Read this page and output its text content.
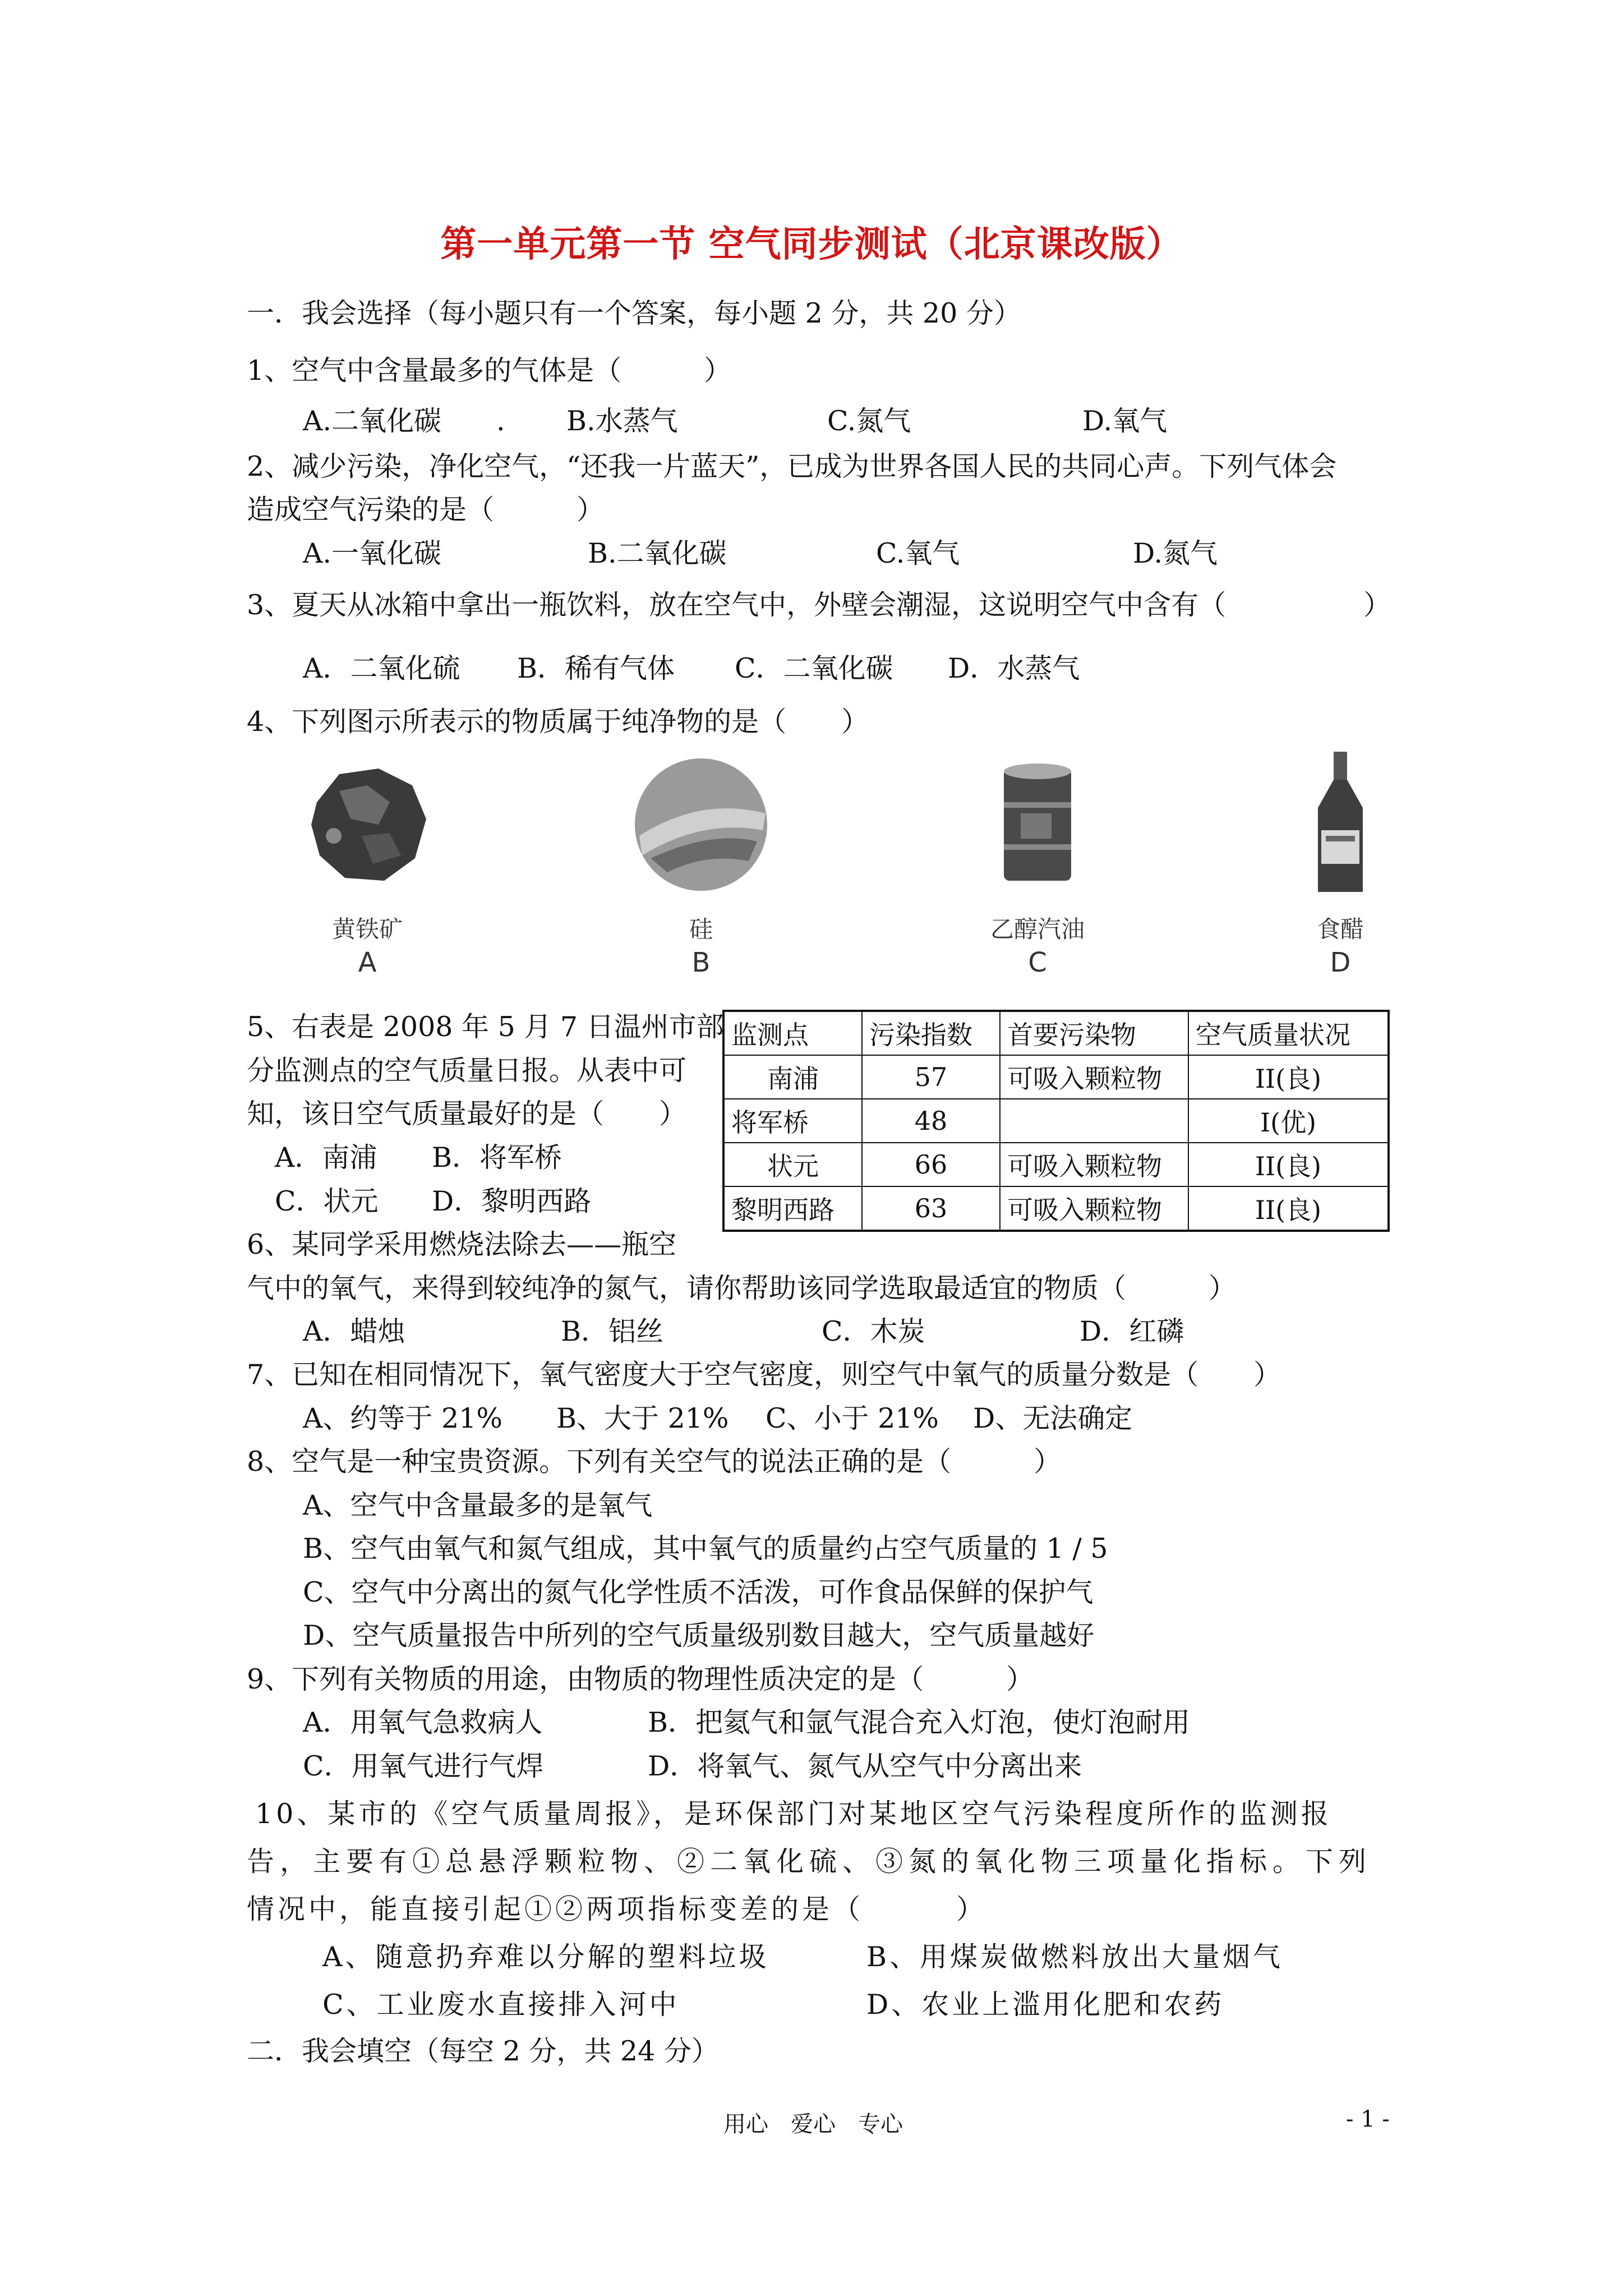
第一单元第一节 空气同步测试（北京课改版）
一．我会选择（每小题只有一个答案，每小题 2 分，共 20 分）
1、空气中含量最多的气体是（　　　）
A.二氧化碳　　. B.水蒸气	C.氮气	D.氧气
2、减少污染，净化空气，“还我一片蓝天”，已成为世界各国人民的共同心声。下列气体会
造成空气污染的是（　　　）
A.一氧化碳	B.二氧化碳	C.氧气	D.氮气
3、夏天从冰箱中拿出一瓶饮料，放在空气中，外壁会潮湿，这说明空气中含有（　　　　　）
A．二氧化硫 B．稀有气体 C．二氧化碳 D．水蒸气
4、下列图示所表示的物质属于纯净物的是（　　）
黄铁矿
A
硅
B
乙醇汽油
C
食醋
D
5、右表是 2008 年 5 月 7 日温州市部
分监测点的空气质量日报。从表中可
知，该日空气质量最好的是（　　）
A．南浦 B．将军桥
C．状元 D．黎明西路
监测点	污染指数	首要污染物	空气质量状况
南浦	57	可吸入颗粒物	II(良)
将军桥	48		I(优)
状元	66	可吸入颗粒物	II(良)
黎明西路	63	可吸入颗粒物	II(良)
6、某同学采用燃烧法除去——瓶空
气中的氧气，来得到较纯净的氮气，请你帮助该同学选取最适宜的物质（　　　）
A．蜡烛	B．铝丝	C．木炭	D．红磷
7、已知在相同情况下，氧气密度大于空气密度，则空气中氧气的质量分数是（　　）
A、约等于 21% B、大于 21% C、小于 21% D、无法确定
8、空气是一种宝贵资源。下列有关空气的说法正确的是（　　　）
A、空气中含量最多的是氧气
B、空气由氧气和氮气组成，其中氧气的质量约占空气质量的 1 / 5
C、空气中分离出的氮气化学性质不活泼，可作食品保鲜的保护气
D、空气质量报告中所列的空气质量级别数目越大，空气质量越好
9、下列有关物质的用途，由物质的物理性质决定的是（　　　）
A．用氧气急救病人	B．把氦气和氩气混合充入灯泡，使灯泡耐用
C．用氧气进行气焊	D．将氧气、氮气从空气中分离出来
10、某市的《空气质量周报》，是环保部门对某地区空气污染程度所作的监测报
告，主要有①总悬浮颗粒物、②二氧化硫、③氮的氧化物三项量化指标。下列
情况中，能直接引起①②两项指标变差的是（　　　）
A、随意扔弃难以分解的塑料垃圾	B、用煤炭做燃料放出大量烟气
C、工业废水直接排入河中	D、农业上滥用化肥和农药
二．我会填空（每空 2 分，共 24 分）
用心　爱心　专心	- 1 -
